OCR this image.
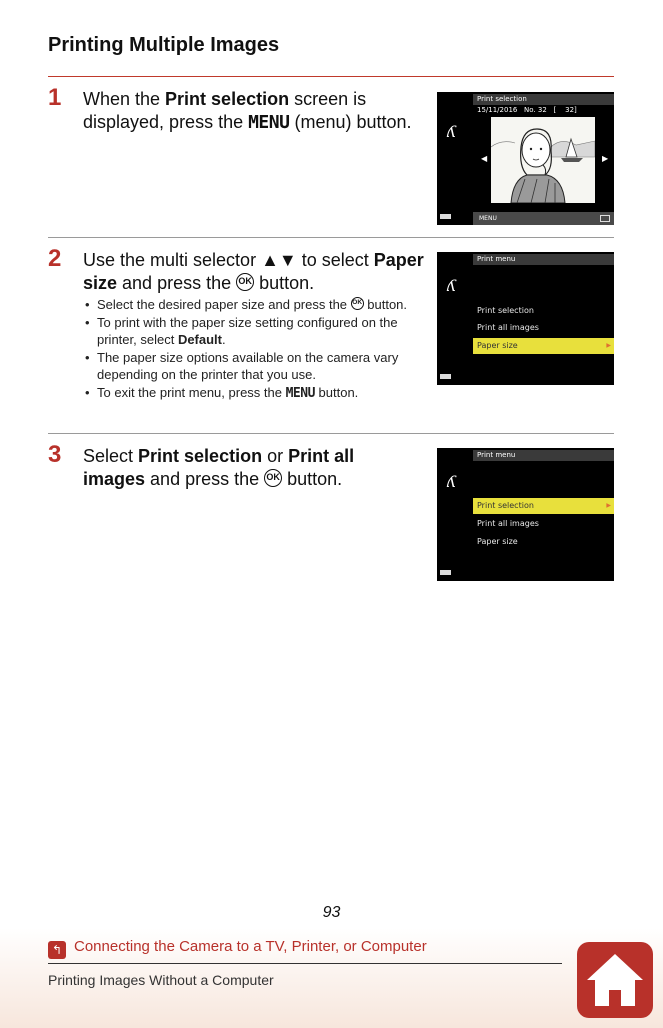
Printing Multiple Images
1 When the Print selection screen is displayed, press the MENU (menu) button. ʎ
Print selection
15/11/2016 No. 32 [    32]
◀	▶
MENU
2 Use the multi selector ▲▼ to select Paper size and press the OK button.
• Select the desired paper size and press the OK button.
• To print with the paper size setting configured on the printer, select Default.
• The paper size options available on the camera vary depending on the printer that you use.
• To exit the print menu, press the MENU button.
ʎ
Print menu
Print selection
Print all images
Paper size	▶
3 Select Print selection or Print all images and press the OK button.	ʎ
Print menu
Print selection	▶
Print all images
Paper size
93
↰ Connecting the Camera to a TV, Printer, or Computer
Printing Images Without a Computer
